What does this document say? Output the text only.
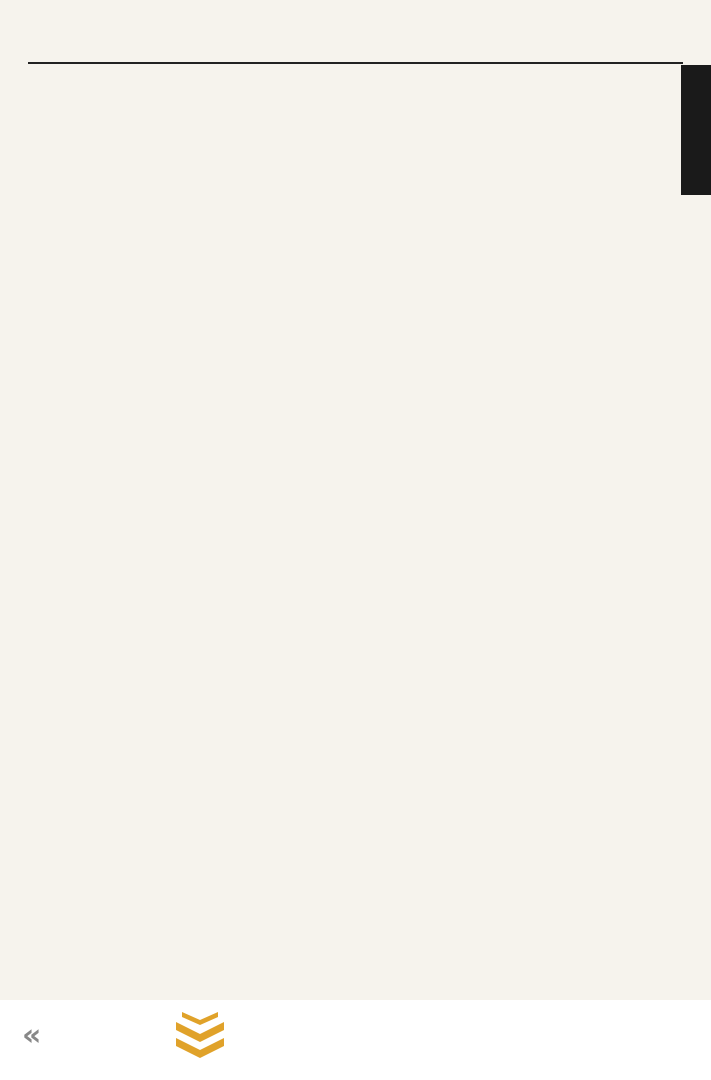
«
